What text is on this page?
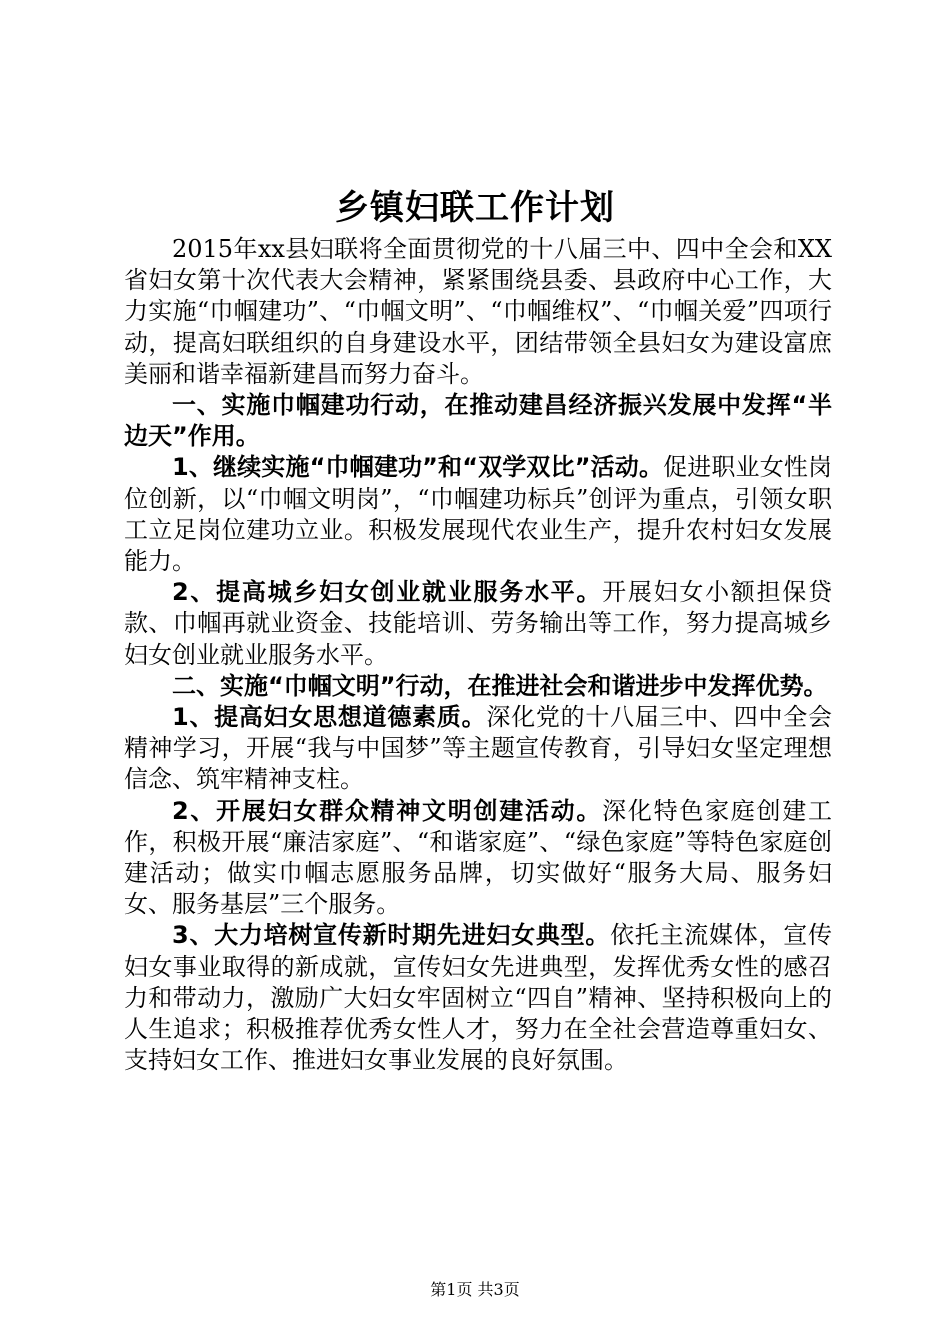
乡镇妇联工作计划

2015年xx县妇联将全面贯彻党的十八届三中、四中全会和XX省妇女第十次代表大会精神，紧紧围绕县委、县政府中心工作，大力实施“巾帼建功”、“巾帼文明”、“巾帼维权”、“巾帼关爱”四项行动，提高妇联组织的自身建设水平，团结带领全县妇女为建设富庶美丽和谐幸福新建昌而努力奋斗。

一、实施巾帼建功行动，在推动建昌经济振兴发展中发挥“半边天”作用。

1、继续实施“巾帼建功”和“双学双比”活动。促进职业女性岗位创新，以“巾帼文明岗”，“巾帼建功标兵”创评为重点，引领女职工立足岗位建功立业。积极发展现代农业生产，提升农村妇女发展能力。

2、提高城乡妇女创业就业服务水平。开展妇女小额担保贷款、巾帼再就业资金、技能培训、劳务输出等工作，努力提高城乡妇女创业就业服务水平。

二、实施“巾帼文明”行动，在推进社会和谐进步中发挥优势。

1、提高妇女思想道德素质。深化党的十八届三中、四中全会精神学习，开展“我与中国梦”等主题宣传教育，引导妇女坚定理想信念、筑牢精神支柱。

2、开展妇女群众精神文明创建活动。深化特色家庭创建工作，积极开展“廉洁家庭”、“和谐家庭”、“绿色家庭”等特色家庭创建活动；做实巾帼志愿服务品牌，切实做好“服务大局、服务妇女、服务基层”三个服务。

3、大力培树宣传新时期先进妇女典型。依托主流媒体，宣传妇女事业取得的新成就，宣传妇女先进典型，发挥优秀女性的感召力和带动力，激励广大妇女牢固树立“四自”精神、坚持积极向上的人生追求；积极推荐优秀女性人才，努力在全社会营造尊重妇女、支持妇女工作、推进妇女事业发展的良好氛围。

第1页 共3页
